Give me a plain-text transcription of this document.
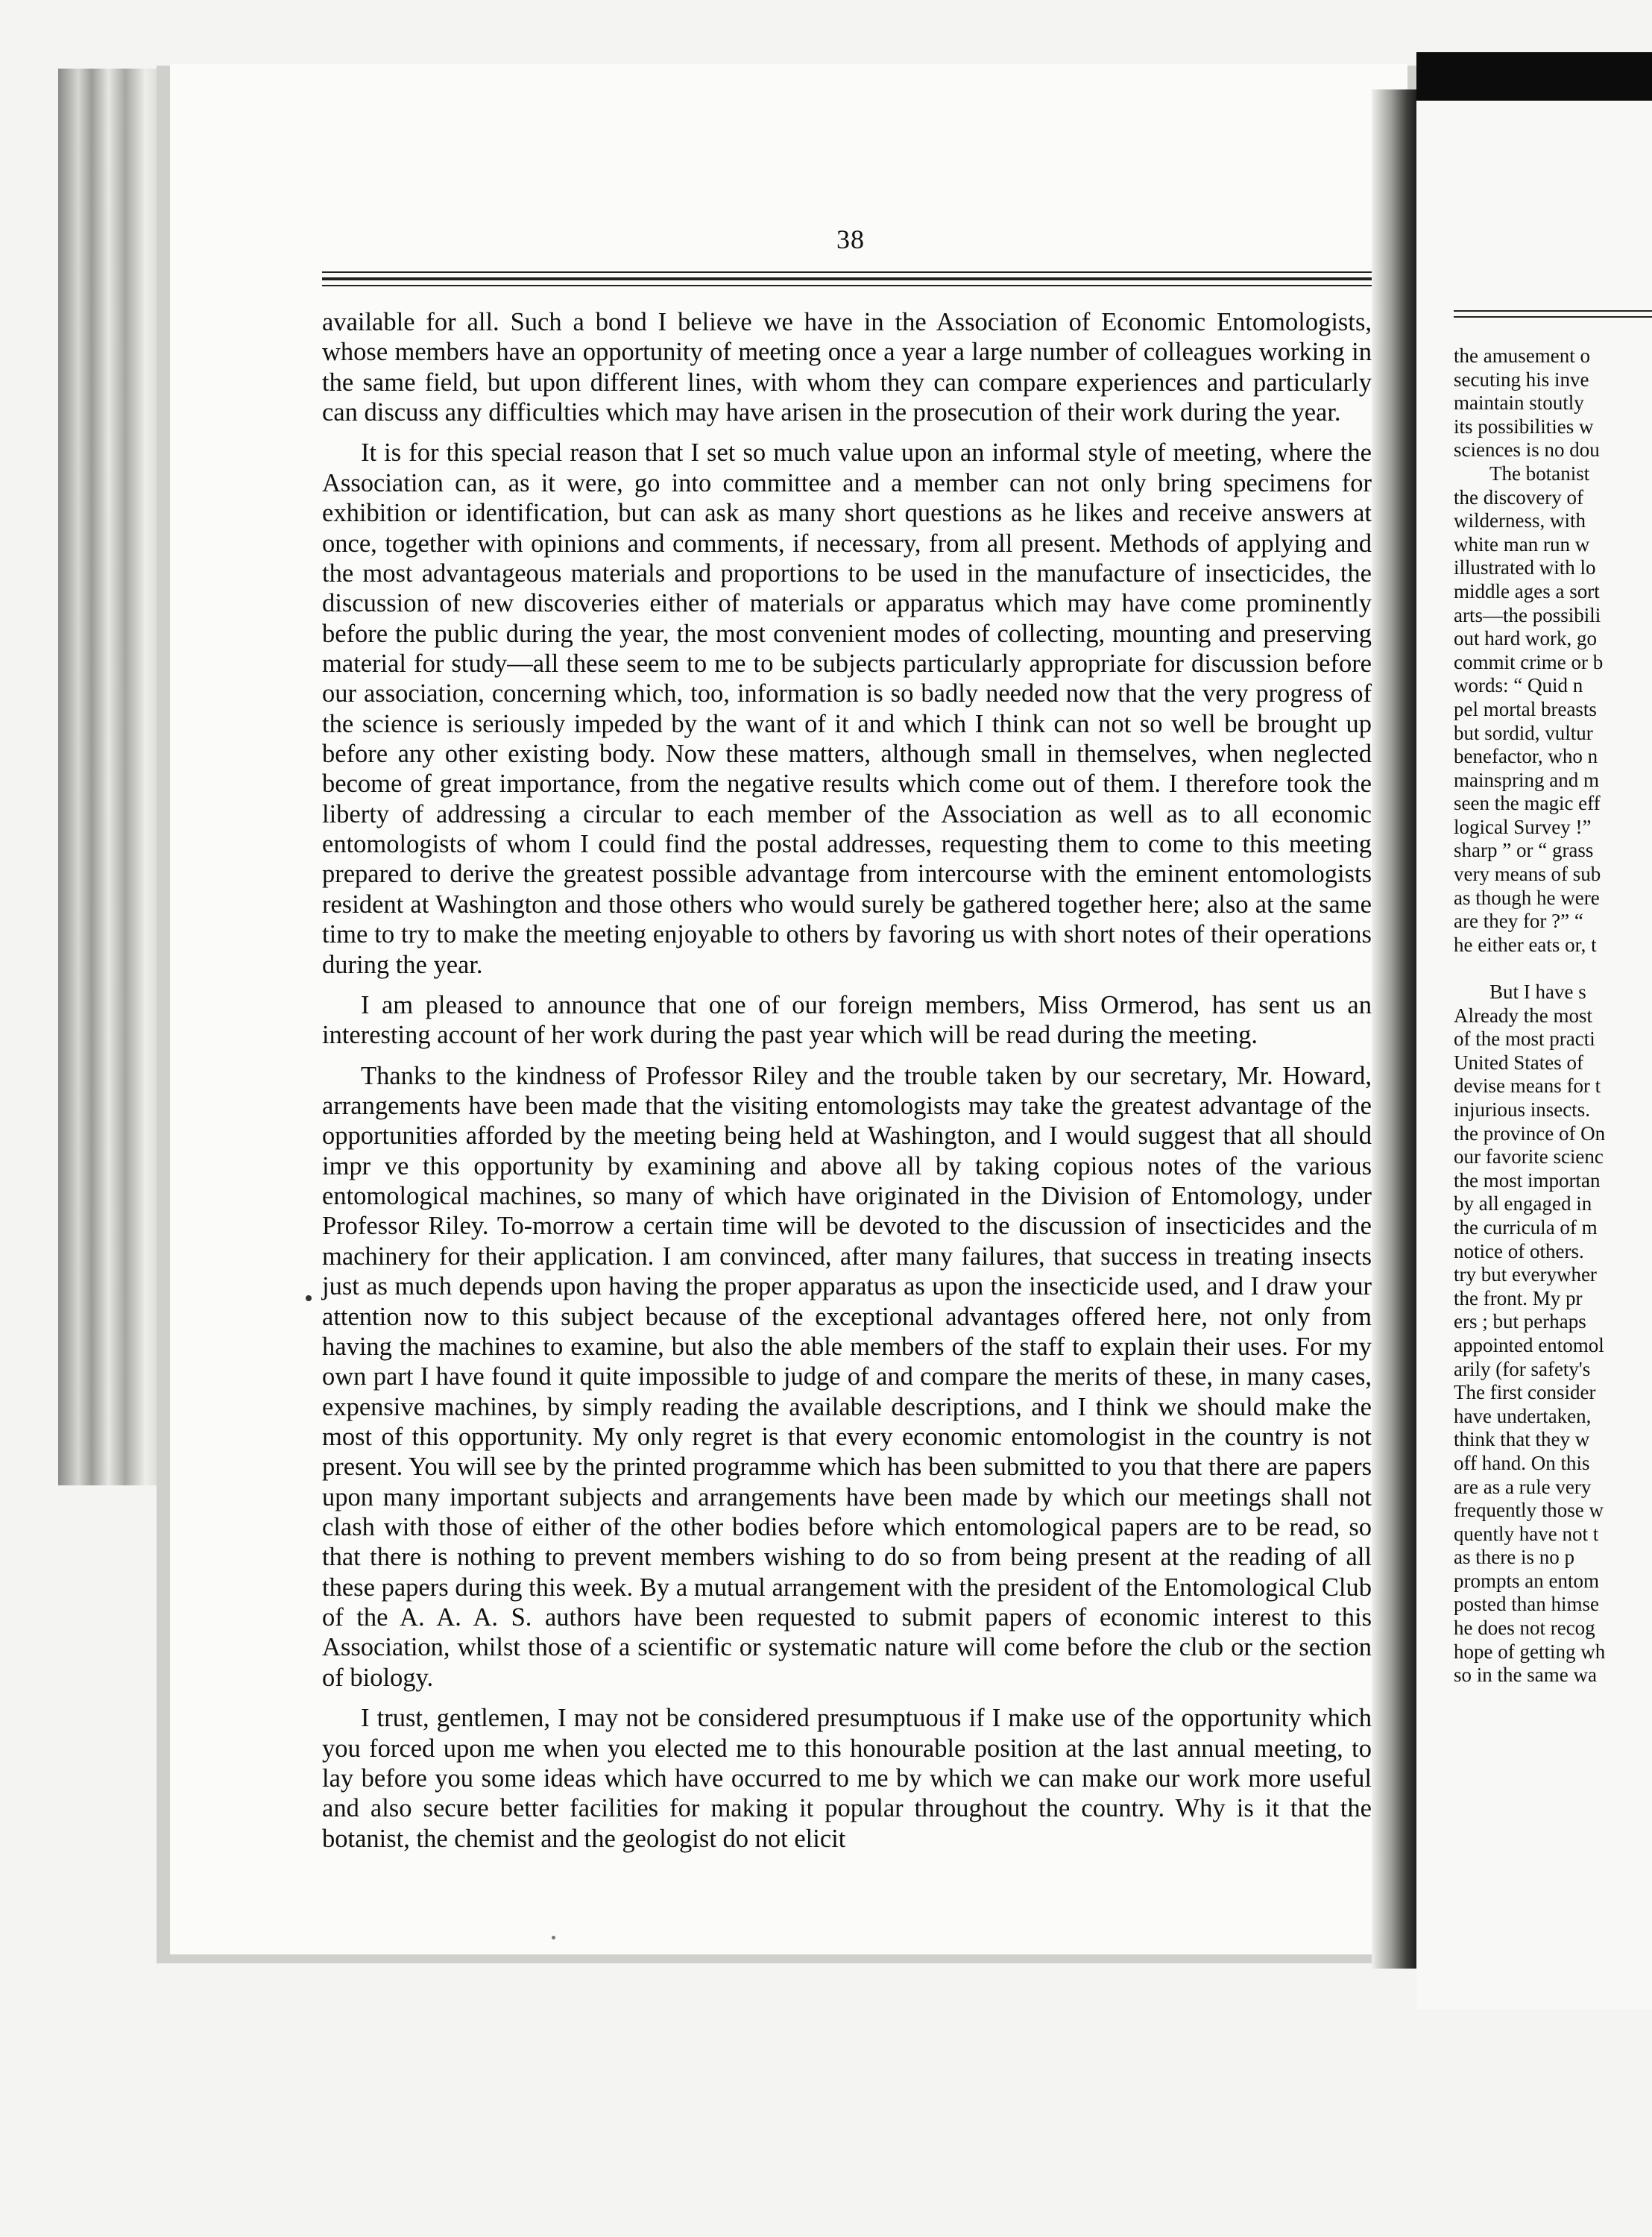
38

available for all. Such a bond I believe we have in the Association of Economic Entomologists, whose members have an opportunity of meeting once a year a large number of colleagues working in the same field, but upon different lines, with whom they can compare experiences and particularly can discuss any difficulties which may have arisen in the prosecution of their work during the year.

It is for this special reason that I set so much value upon an informal style of meeting, where the Association can, as it were, go into committee and a member can not only bring specimens for exhibition or identification, but can ask as many short questions as he likes and receive answers at once, together with opinions and comments, if necessary, from all present. Methods of applying and the most advantageous materials and proportions to be used in the manufacture of insecticides, the discussion of new discoveries either of materials or apparatus which may have come prominently before the public during the year, the most convenient modes of collecting, mounting and preserving material for study—all these seem to me to be subjects particularly appropriate for discussion before our association, concerning which, too, information is so badly needed now that the very progress of the science is seriously impeded by the want of it and which I think can not so well be brought up before any other existing body. Now these matters, although small in themselves, when neglected become of great importance, from the negative results which come out of them. I therefore took the liberty of addressing a circular to each member of the Association as well as to all economic entomologists of whom I could find the postal addresses, requesting them to come to this meeting prepared to derive the greatest possible advantage from intercourse with the eminent entomologists resident at Washington and those others who would surely be gathered together here; also at the same time to try to make the meeting enjoyable to others by favoring us with short notes of their operations during the year.

I am pleased to announce that one of our foreign members, Miss Ormerod, has sent us an interesting account of her work during the past year which will be read during the meeting.

Thanks to the kindness of Professor Riley and the trouble taken by our secretary, Mr. Howard, arrangements have been made that the visiting entomologists may take the greatest advantage of the opportunities afforded by the meeting being held at Washington, and I would suggest that all should impr ve this opportunity by examining and above all by taking copious notes of the various entomological machines, so many of which have originated in the Division of Entomology, under Professor Riley. To-morrow a certain time will be devoted to the discussion of insecticides and the machinery for their application. I am convinced, after many failures, that success in treating insects just as much depends upon having the proper apparatus as upon the insecticide used, and I draw your attention now to this subject because of the exceptional advantages offered here, not only from having the machines to examine, but also the able members of the staff to explain their uses. For my own part I have found it quite impossible to judge of and compare the merits of these, in many cases, expensive machines, by simply reading the available descriptions, and I think we should make the most of this opportunity. My only regret is that every economic entomologist in the country is not present. You will see by the printed programme which has been submitted to you that there are papers upon many important subjects and arrangements have been made by which our meetings shall not clash with those of either of the other bodies before which entomological papers are to be read, so that there is nothing to prevent members wishing to do so from being present at the reading of all these papers during this week. By a mutual arrangement with the president of the Entomological Club of the A. A. A. S. authors have been requested to submit papers of economic interest to this Association, whilst those of a scientific or systematic nature will come before the club or the section of biology.

I trust, gentlemen, I may not be considered presumptuous if I make use of the opportunity which you forced upon me when you elected me to this honourable position at the last annual meeting, to lay before you some ideas which have occurred to me by which we can make our work more useful and also secure better facilities for making it popular throughout the country. Why is it that the botanist, the chemist and the geologist do not elicit

the amusement o
secuting his inve
maintain stoutly
its possibilities w
sciences is no dou
The botanist
the discovery of
wilderness, with
white man run w
illustrated with lo
middle ages a sort
arts—the possibili
out hard work, go
commit crime or b
words: “ Quid n
pel mortal breasts
but sordid, vultur
benefactor, who n
mainspring and m
seen the magic eff
logical Survey !”
sharp ” or “ grass
very means of sub
as though he were
are they for ?” “
he either eats or, t
But I have s
Already the most
of the most practi
United States of
devise means for t
injurious insects.
the province of On
our favorite scienc
the most importan
by all engaged in
the curricula of m
notice of others.
try but everywher
the front. My pr
ers ; but perhaps
appointed entomol
arily (for safety's
The first consider
have undertaken,
think that they w
off hand. On this
are as a rule very
frequently those w
quently have not t
as there is no p
prompts an entom
posted than himse
he does not recog
hope of getting wh
so in the same wa
